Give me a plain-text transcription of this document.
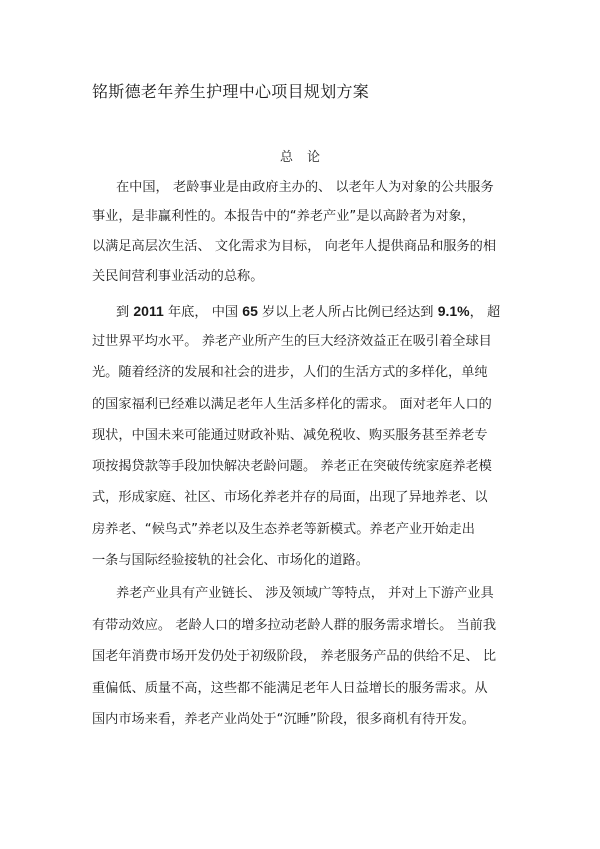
铭斯德老年养生护理中心项目规划方案
总论

在中国， 老龄事业是由政府主办的、 以老年人为对象的公共服务

事业，是非赢利性的。本报告中的“养老产业”是以高龄者为对象，

以满足高层次生活、 文化需求为目标， 向老年人提供商品和服务的相

关民间营利事业活动的总称。

到 2011 年底， 中国 65 岁以上老人所占比例已经达到 9.1%， 超

过世界平均水平。 养老产业所产生的巨大经济效益正在吸引着全球目

光。随着经济的发展和社会的进步，人们的生活方式的多样化，单纯

的国家福利已经难以满足老年人生活多样化的需求。 面对老年人口的

现状，中国未来可能通过财政补贴、减免税收、购买服务甚至养老专

项按揭贷款等手段加快解决老龄问题。 养老正在突破传统家庭养老模

式，形成家庭、社区、市场化养老并存的局面，出现了异地养老、以

房养老、“候鸟式”养老以及生态养老等新模式。养老产业开始走出

一条与国际经验接轨的社会化、市场化的道路。

养老产业具有产业链长、 涉及领域广等特点， 并对上下游产业具

有带动效应。 老龄人口的增多拉动老龄人群的服务需求增长。 当前我

国老年消费市场开发仍处于初级阶段， 养老服务产品的供给不足、 比

重偏低、质量不高，这些都不能满足老年人日益增长的服务需求。从

国内市场来看，养老产业尚处于“沉睡”阶段，很多商机有待开发。
